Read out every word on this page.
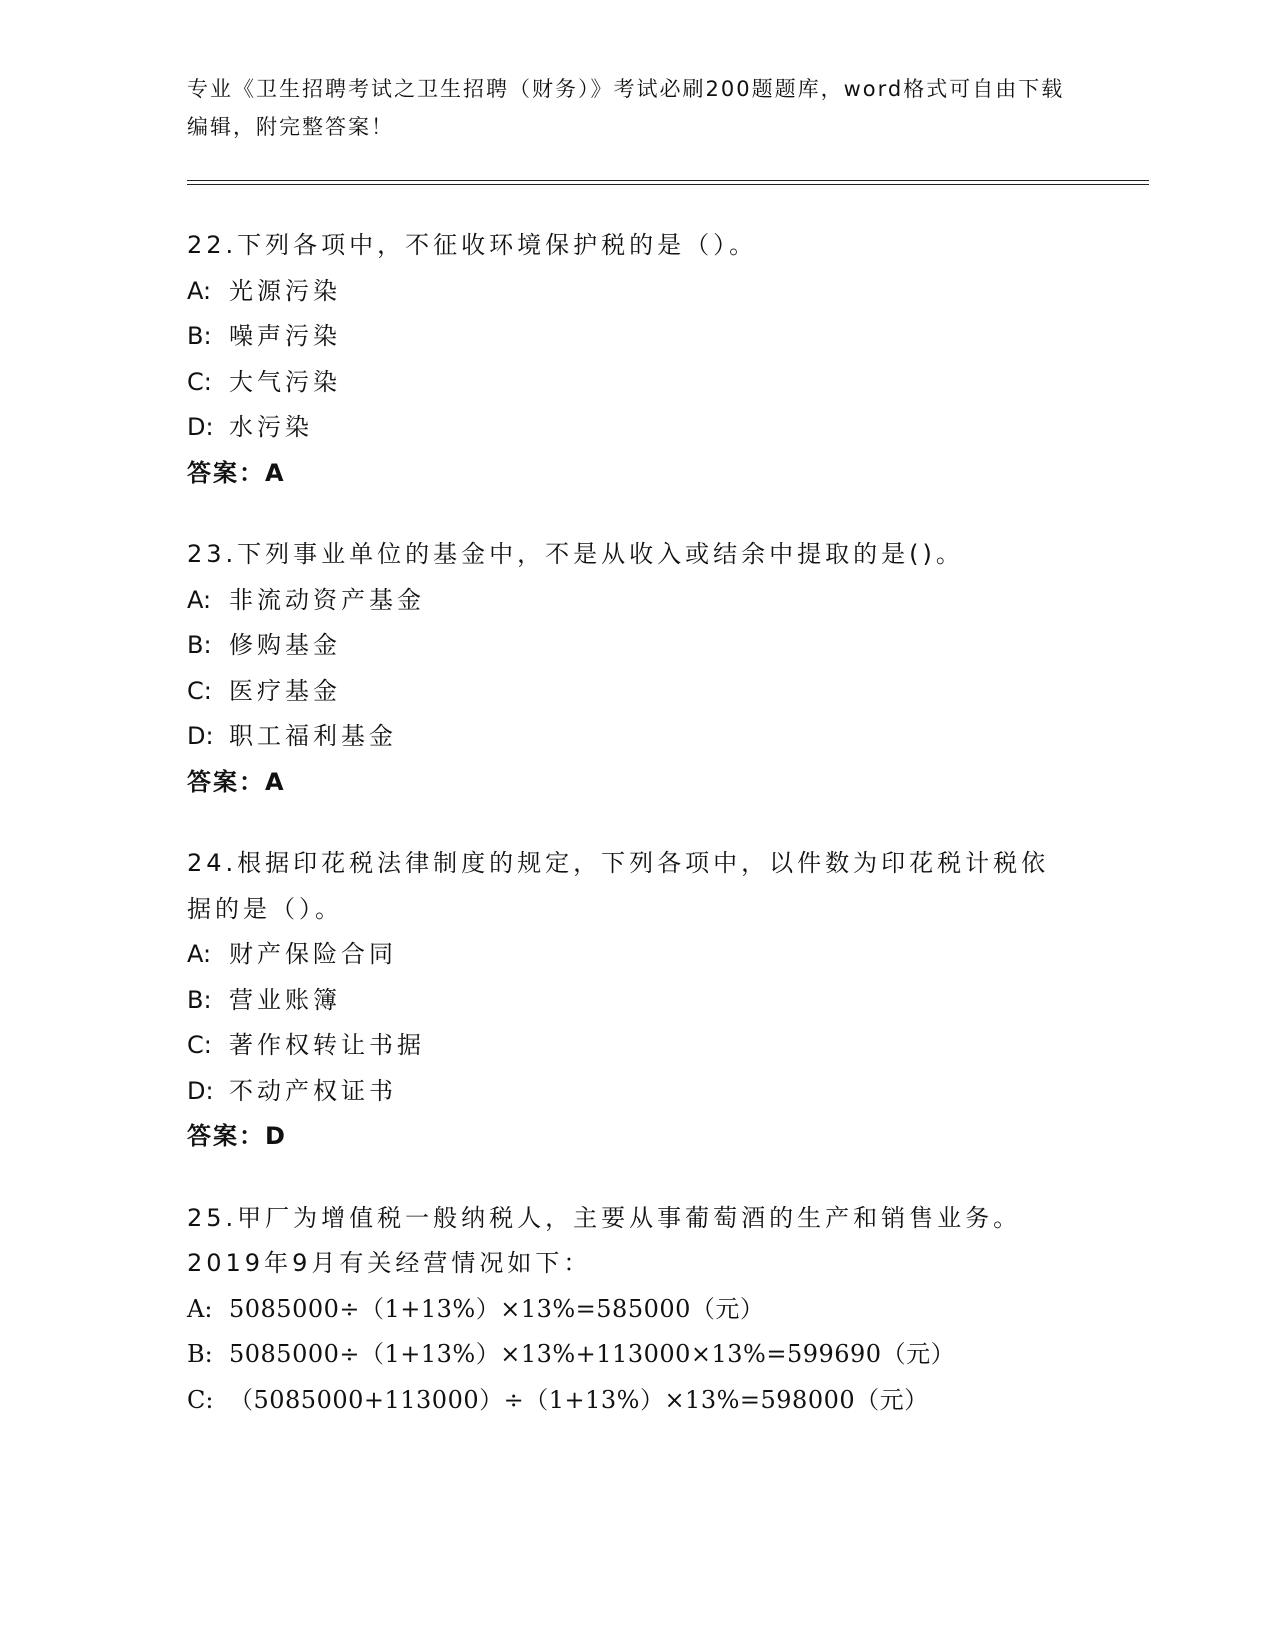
专业《卫生招聘考试之卫生招聘（财务）》考试必刷200题题库，word格式可自由下载编辑，附完整答案！

22.下列各项中，不征收环境保护税的是（）。

A: 光源污染

B: 噪声污染

C: 大气污染

D: 水污染

答案：A

23.下列事业单位的基金中，不是从收入或结余中提取的是()。

A: 非流动资产基金

B: 修购基金

C: 医疗基金

D: 职工福利基金

答案：A

24.根据印花税法律制度的规定，下列各项中，以件数为印花税计税依据的是（）。

A: 财产保险合同

B: 营业账簿

C: 著作权转让书据

D: 不动产权证书

答案：D

25.甲厂为增值税一般纳税人，主要从事葡萄酒的生产和销售业务。2019年9月有关经营情况如下：

A: 5085000÷（1+13%）×13%=585000（元）

B: 5085000÷（1+13%）×13%+113000×13%=599690（元）

C: （5085000+113000）÷（1+13%）×13%=598000（元）
